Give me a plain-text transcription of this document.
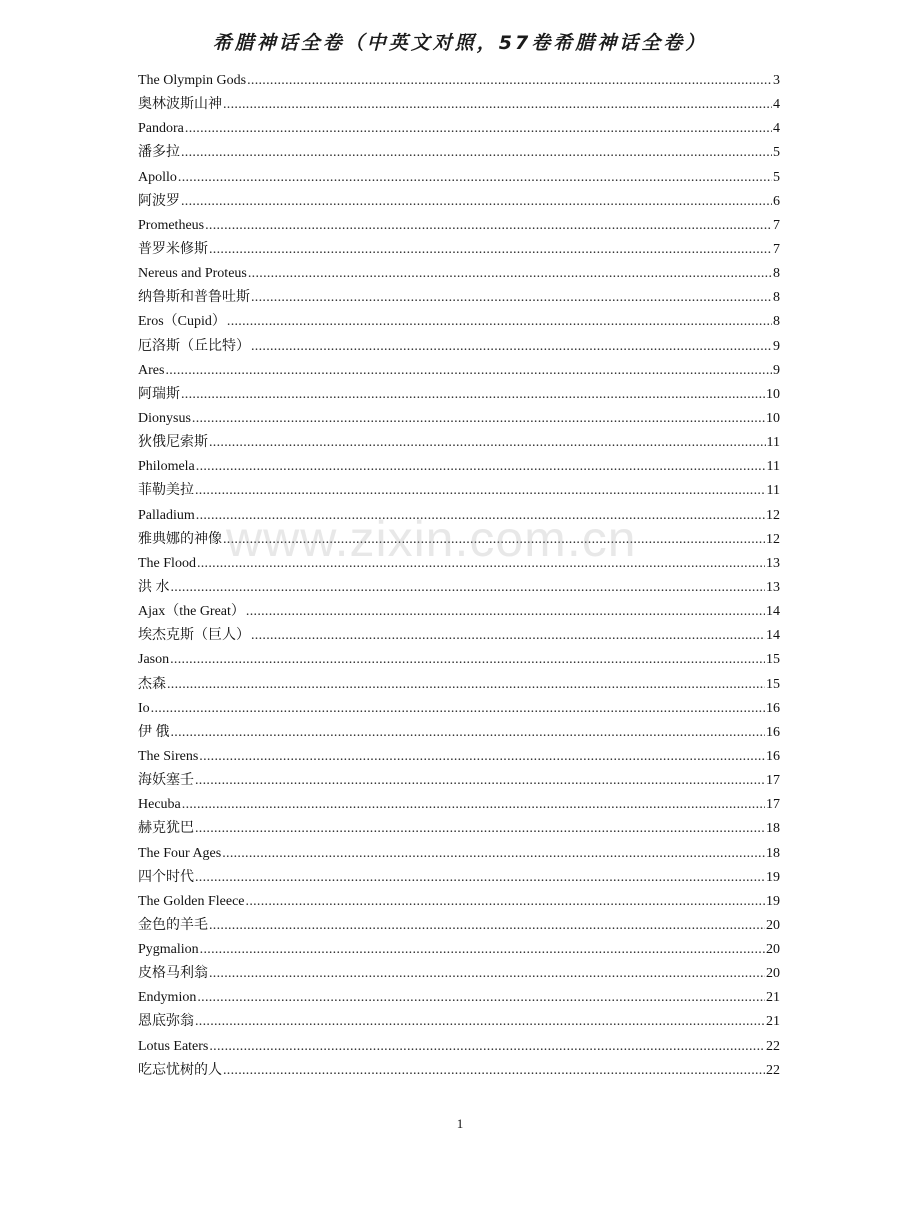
希腊神话全卷（中英文对照，57卷希腊神话全卷）
The Olympin Gods .....	3
奥林波斯山神 .....	4
Pandora .....	4
潘多拉 .....	5
Apollo .....	5
阿波罗 .....	6
Prometheus .....	7
普罗米修斯 .....	7
Nereus and Proteus .....	8
纳鲁斯和普鲁吐斯 .....	8
Eros（Cupid） .....	8
厄洛斯（丘比特） .....	9
Ares .....	9
阿瑞斯 .....	10
Dionysus .....	10
狄俄尼索斯 .....	11
Philomela .....	11
菲勒美拉 .....	11
Palladium .....	12
雅典娜的神像 .....	12
The Flood .....	13
洪 水 .....	13
Ajax（the Great） .....	14
埃杰克斯（巨人） .....	14
Jason .....	15
杰森 .....	15
Io .....	16
伊 俄 .....	16
The Sirens .....	16
海妖塞壬 .....	17
Hecuba .....	17
赫克犹巴 .....	18
The Four Ages .....	18
四个时代 .....	19
The Golden Fleece .....	19
金色的羊毛 .....	20
Pygmalion .....	20
皮格马利翁 .....	20
Endymion .....	21
恩底弥翁 .....	21
Lotus Eaters .....	22
吃忘忧树的人 .....	22
www.zixin.com.cn
1
